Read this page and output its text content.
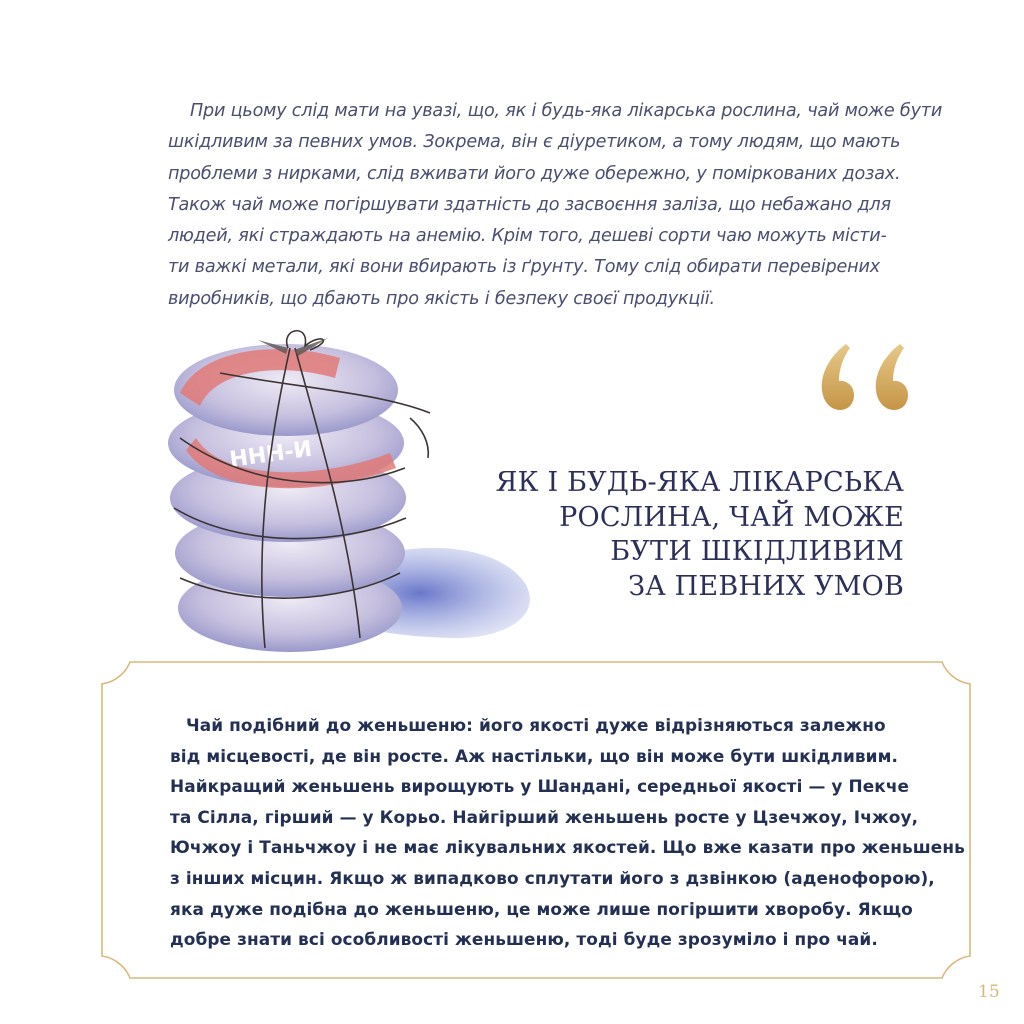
При цьому слід мати на увазі, що, як і будь-яка лікарська рослина, чай може бути
шкідливим за певних умов. Зокрема, він є діуретиком, а тому людям, що мають
проблеми з нирками, слід вживати його дуже обережно, у поміркованих дозах.
Також чай може погіршувати здатність до засвоєння заліза, що небажано для
людей, які страждають на анемію. Крім того, дешеві сорти чаю можуть місти-
ти важкі метали, які вони вбирають із ґрунту. Тому слід обирати перевірених
виробників, що дбають про якість і безпеку своєї продукції.
ННН-И
ЯК І БУДЬ-ЯКА ЛІКАРСЬКА
РОСЛИНА, ЧАЙ МОЖЕ
БУТИ ШКІДЛИВИМ
ЗА ПЕВНИХ УМОВ
Чай подібний до женьшеню: його якості дуже відрізняються залежно
від місцевості, де він росте. Аж настільки, що він може бути шкідливим.
Найкращий женьшень вирощують у Шандані, середньої якості — у Пекче
та Сілла, гірший — у Корьо. Найгірший женьшень росте у Цзечжоу, Ічжоу,
Ючжоу і Таньчжоу і не має лікувальних якостей. Що вже казати про женьшень
з інших місцин. Якщо ж випадково сплутати його з дзвінкою (аденофорою),
яка дуже подібна до женьшеню, це може лише погіршити хворобу. Якщо
добре знати всі особливості женьшеню, тоді буде зрозуміло і про чай.
15
